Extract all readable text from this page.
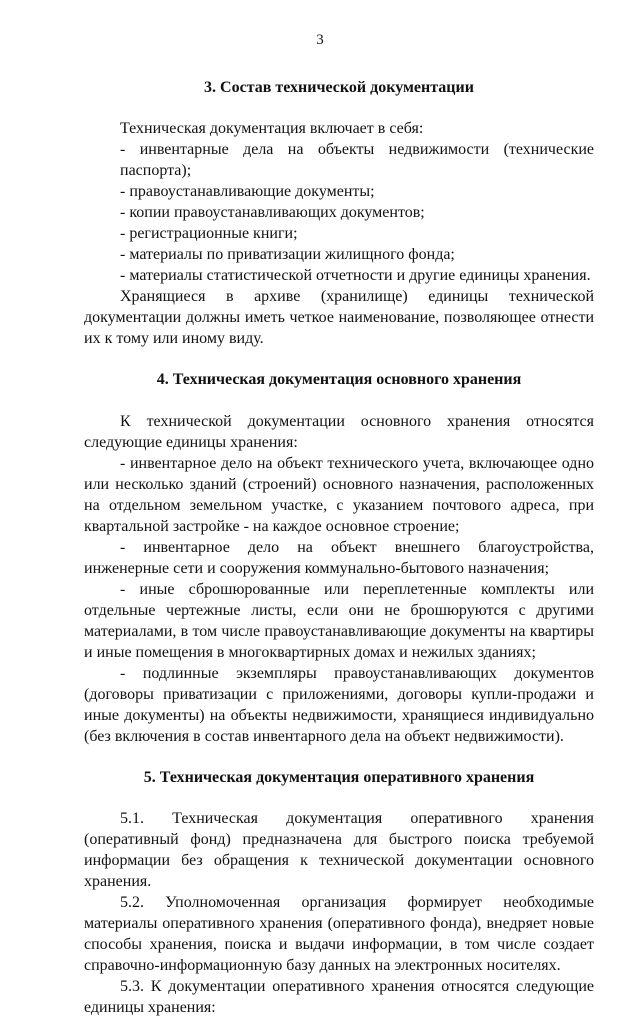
3

3. Состав технической документации

Техническая документация включает в себя:

- инвентарные дела на объекты недвижимости (технические паспорта);

- правоустанавливающие документы;

- копии правоустанавливающих документов;

- регистрационные книги;

- материалы по приватизации жилищного фонда;

- материалы статистической отчетности и другие единицы хранения.

Хранящиеся в архиве (хранилище) единицы технической документации должны иметь четкое наименование, позволяющее отнести их к тому или иному виду.

4. Техническая документация основного хранения

К технической документации основного хранения относятся следующие единицы хранения:

- инвентарное дело на объект технического учета, включающее одно или несколько зданий (строений) основного назначения, расположенных на отдельном земельном участке, с указанием почтового адреса, при квартальной застройке - на каждое основное строение;

- инвентарное дело на объект внешнего благоустройства, инженерные сети и сооружения коммунально-бытового назначения;

- иные сброшюрованные или переплетенные комплекты или отдельные чертежные листы, если они не брошюруются с другими материалами, в том числе правоустанавливающие документы на квартиры и иные помещения в многоквартирных домах и нежилых зданиях;

- подлинные экземпляры правоустанавливающих документов (договоры приватизации с приложениями, договоры купли-продажи и иные документы) на объекты недвижимости, хранящиеся индивидуально (без включения в состав инвентарного дела на объект недвижимости).

5. Техническая документация оперативного хранения

5.1. Техническая документация оперативного хранения (оперативный фонд) предназначена для быстрого поиска требуемой информации без обращения к технической документации основного хранения.

5.2. Уполномоченная организация формирует необходимые материалы оперативного хранения (оперативного фонда), внедряет новые способы хранения, поиска и выдачи информации, в том числе создает справочно-информационную базу данных на электронных носителях.

5.3. К документации оперативного хранения относятся следующие единицы хранения:
